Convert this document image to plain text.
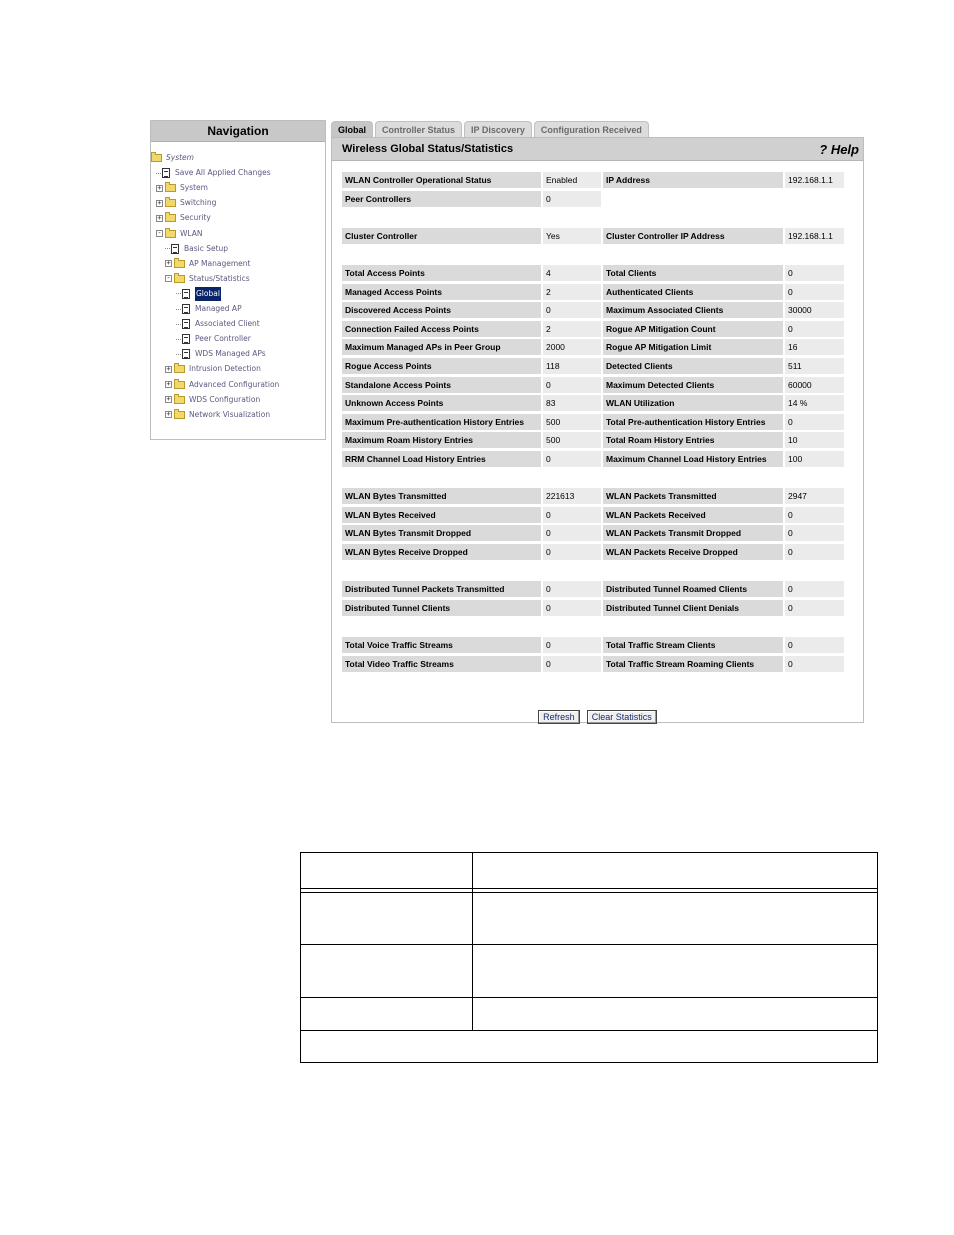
Navigation
System
Save All Applied Changes
+ System
+ Switching
+ Security
- WLAN
Basic Setup
+ AP Management
- Status/Statistics
Global
Managed AP
Associated Client
Peer Controller
WDS Managed APs
+ Intrusion Detection
+ Advanced Configuration
+ WDS Configuration
+ Network Visualization
Global	Controller Status	IP Discovery	Configuration Received
Wireless Global Status/Statistics	? Help
WLAN Controller Operational Status	Enabled	IP Address	192.168.1.1
Peer Controllers	0
Cluster Controller	Yes	Cluster Controller IP Address	192.168.1.1
Total Access Points	4	Total Clients	0
Managed Access Points	2	Authenticated Clients	0
Discovered Access Points	0	Maximum Associated Clients	30000
Connection Failed Access Points	2	Rogue AP Mitigation Count	0
Maximum Managed APs in Peer Group	2000	Rogue AP Mitigation Limit	16
Rogue Access Points	118	Detected Clients	511
Standalone Access Points	0	Maximum Detected Clients	60000
Unknown Access Points	83	WLAN Utilization	14 %
Maximum Pre-authentication History Entries	500	Total Pre-authentication History Entries	0
Maximum Roam History Entries	500	Total Roam History Entries	10
RRM Channel Load History Entries	0	Maximum Channel Load History Entries	100
WLAN Bytes Transmitted	221613	WLAN Packets Transmitted	2947
WLAN Bytes Received	0	WLAN Packets Received	0
WLAN Bytes Transmit Dropped	0	WLAN Packets Transmit Dropped	0
WLAN Bytes Receive Dropped	0	WLAN Packets Receive Dropped	0
Distributed Tunnel Packets Transmitted	0	Distributed Tunnel Roamed Clients	0
Distributed Tunnel Clients	0	Distributed Tunnel Client Denials	0
Total Voice Traffic Streams	0	Total Traffic Stream Clients	0
Total Video Traffic Streams	0	Total Traffic Stream Roaming Clients	0
Refresh Clear Statistics
